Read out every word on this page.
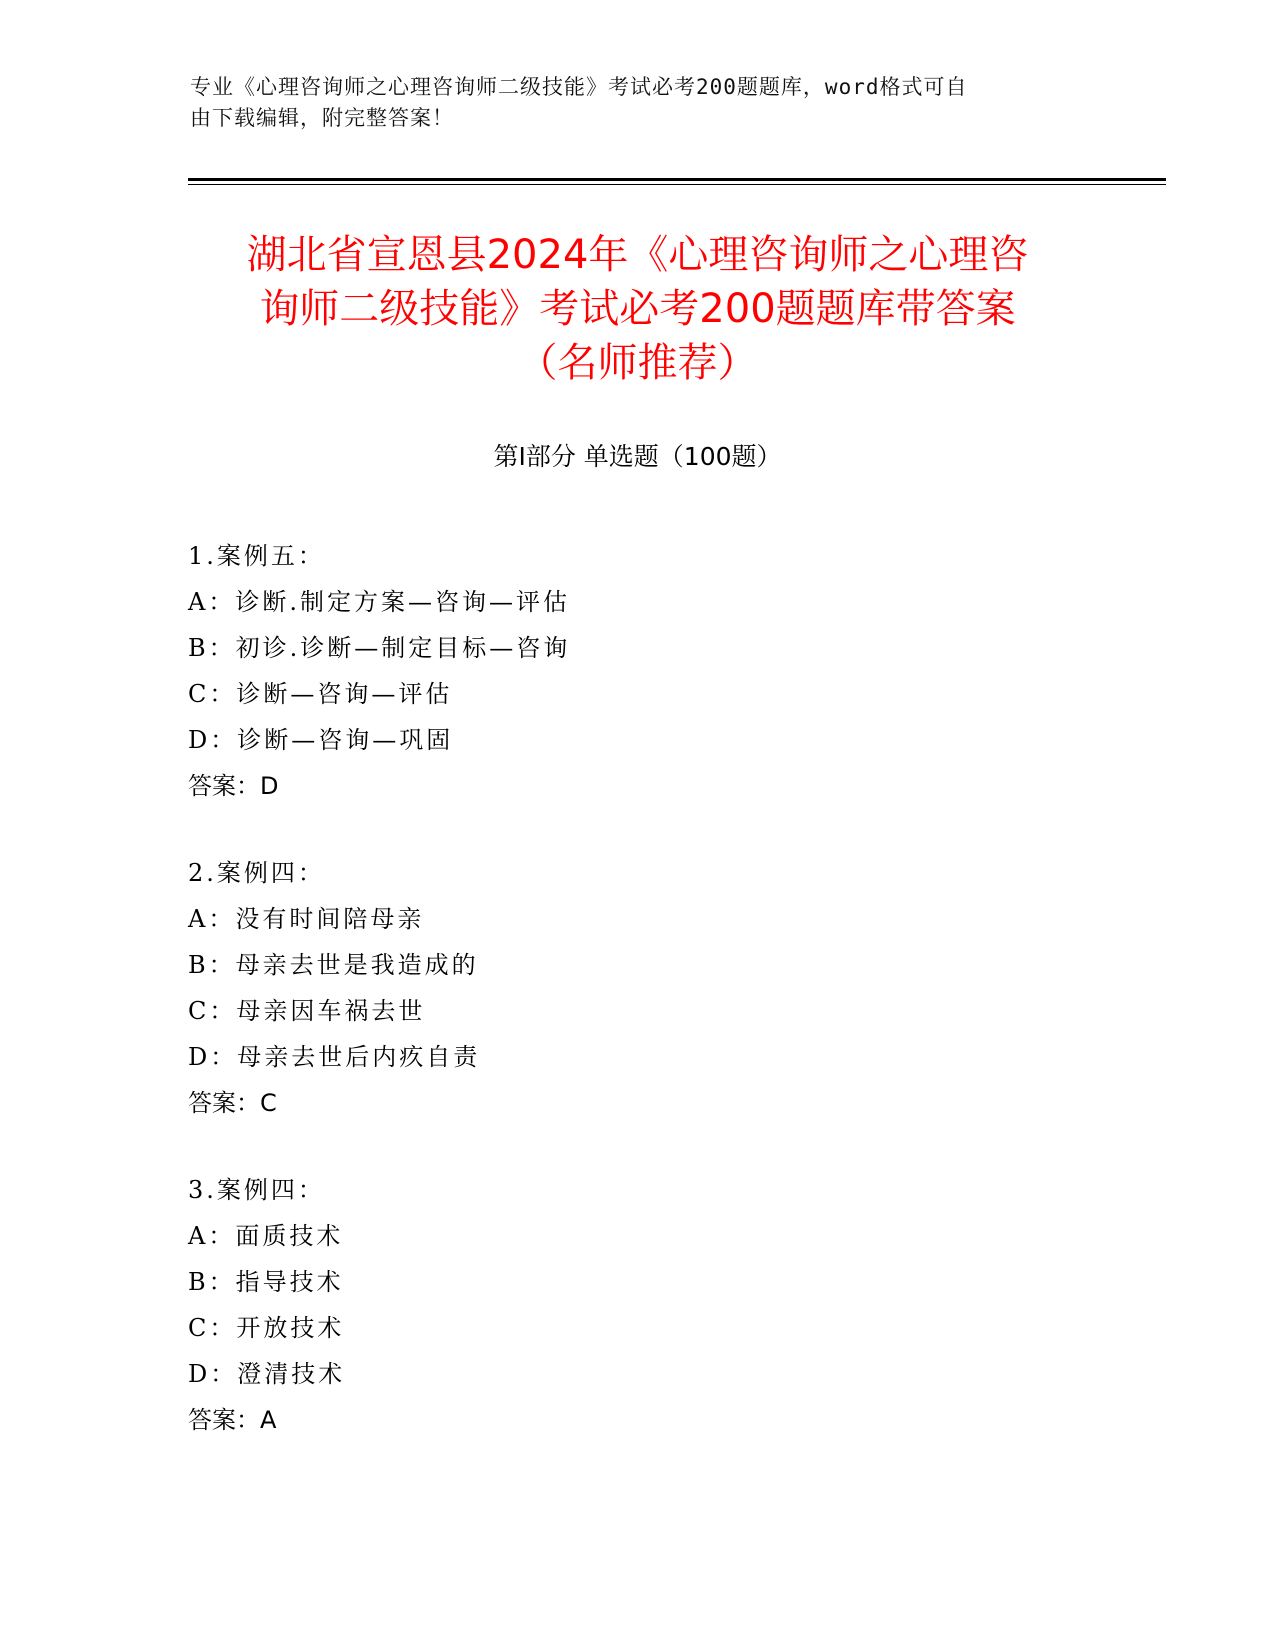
专业《心理咨询师之心理咨询师二级技能》考试必考200题题库，word格式可自
由下载编辑，附完整答案！
湖北省宣恩县2024年《心理咨询师之心理咨
询师二级技能》考试必考200题题库带答案
（名师推荐）
第Ⅰ部分 单选题（100题）
1.案例五：
A：诊断.制定方案—咨询—评估
B：初诊.诊断—制定目标—咨询
C：诊断—咨询—评估
D：诊断—咨询—巩固
答案：D
2.案例四：
A：没有时间陪母亲
B：母亲去世是我造成的
C：母亲因车祸去世
D：母亲去世后内疚自责
答案：C
3.案例四：
A：面质技术
B：指导技术
C：开放技术
D：澄清技术
答案：A
